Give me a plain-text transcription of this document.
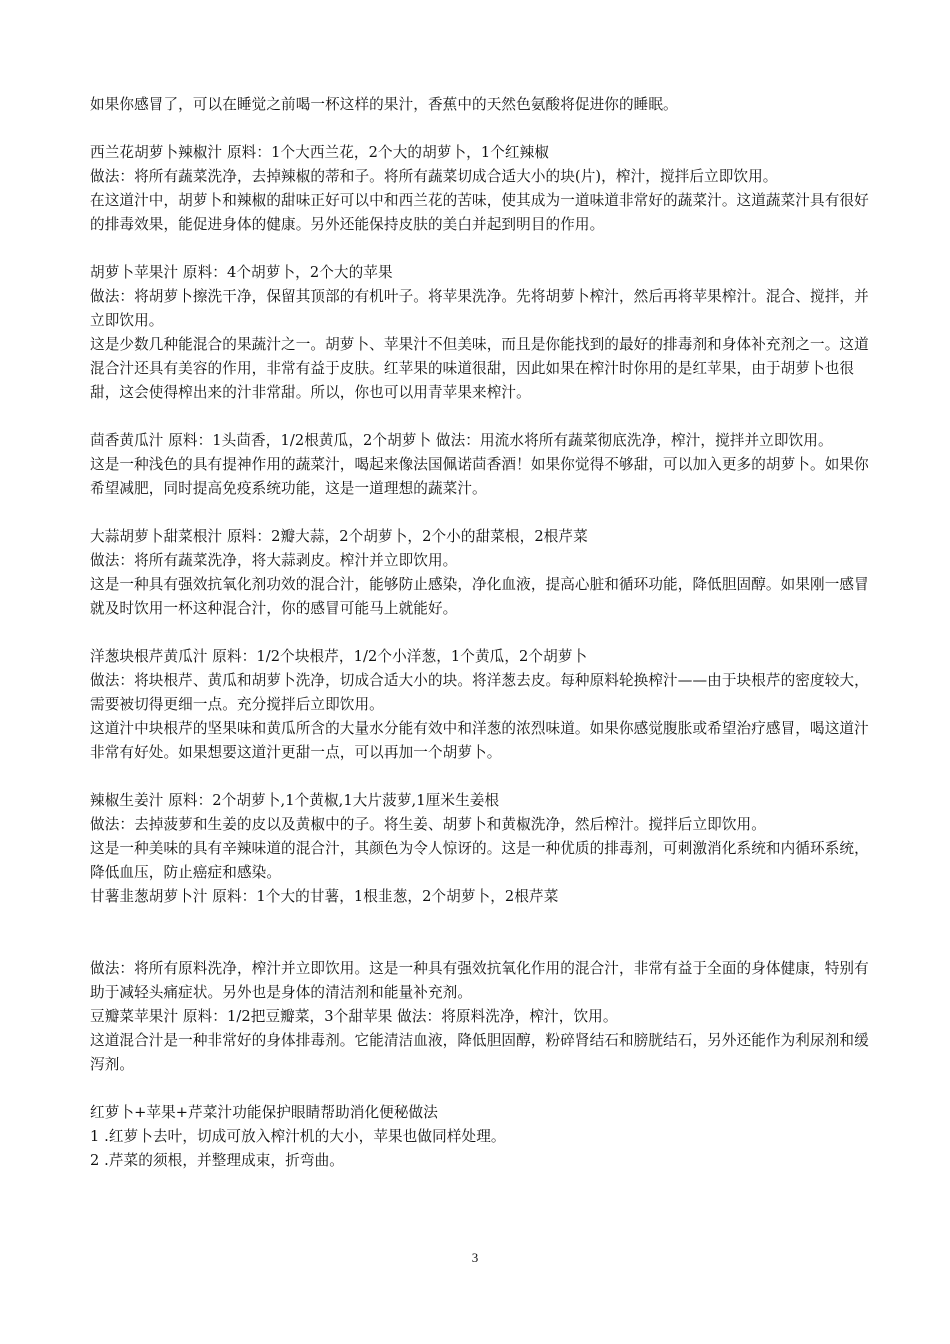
如果你感冒了，可以在睡觉之前喝一杯这样的果汁，香蕉中的天然色氨酸将促进你的睡眠。

西兰花胡萝卜辣椒汁 原料：1个大西兰花，2个大的胡萝卜，1个红辣椒

做法：将所有蔬菜洗净，去掉辣椒的蒂和子。将所有蔬菜切成合适大小的块(片)，榨汁，搅拌后立即饮用。

在这道汁中，胡萝卜和辣椒的甜味正好可以中和西兰花的苦味，使其成为一道味道非常好的蔬菜汁。这道蔬菜汁具有很好的排毒效果，能促进身体的健康。另外还能保持皮肤的美白并起到明目的作用。

胡萝卜苹果汁 原料：4个胡萝卜，2个大的苹果

做法：将胡萝卜擦洗干净，保留其顶部的有机叶子。将苹果洗净。先将胡萝卜榨汁，然后再将苹果榨汁。混合、搅拌，并立即饮用。

这是少数几种能混合的果蔬汁之一。胡萝卜、苹果汁不但美味，而且是你能找到的最好的排毒剂和身体补充剂之一。这道混合汁还具有美容的作用，非常有益于皮肤。红苹果的味道很甜，因此如果在榨汁时你用的是红苹果，由于胡萝卜也很甜，这会使得榨出来的汁非常甜。所以，你也可以用青苹果来榨汁。

茴香黄瓜汁 原料：1头茴香，1/2根黄瓜，2个胡萝卜 做法：用流水将所有蔬菜彻底洗净，榨汁，搅拌并立即饮用。

这是一种浅色的具有提神作用的蔬菜汁，喝起来像法国佩诺茴香酒！如果你觉得不够甜，可以加入更多的胡萝卜。如果你希望减肥，同时提高免疫系统功能，这是一道理想的蔬菜汁。

大蒜胡萝卜甜菜根汁 原料：2瓣大蒜，2个胡萝卜，2个小的甜菜根，2根芹菜

做法：将所有蔬菜洗净，将大蒜剥皮。榨汁并立即饮用。

这是一种具有强效抗氧化剂功效的混合汁，能够防止感染，净化血液，提高心脏和循环功能，降低胆固醇。如果刚一感冒就及时饮用一杯这种混合汁，你的感冒可能马上就能好。

洋葱块根芹黄瓜汁 原料：1/2个块根芹，1/2个小洋葱，1个黄瓜，2个胡萝卜

做法：将块根芹、黄瓜和胡萝卜洗净，切成合适大小的块。将洋葱去皮。每种原料轮换榨汁——由于块根芹的密度较大，需要被切得更细一点。充分搅拌后立即饮用。

这道汁中块根芹的坚果味和黄瓜所含的大量水分能有效中和洋葱的浓烈味道。如果你感觉腹胀或希望治疗感冒，喝这道汁非常有好处。如果想要这道汁更甜一点，可以再加一个胡萝卜。

辣椒生姜汁 原料：2个胡萝卜,1个黄椒,1大片菠萝,1厘米生姜根

做法：去掉菠萝和生姜的皮以及黄椒中的子。将生姜、胡萝卜和黄椒洗净，然后榨汁。搅拌后立即饮用。

这是一种美味的具有辛辣味道的混合汁，其颜色为令人惊讶的。这是一种优质的排毒剂，可刺激消化系统和内循环系统，降低血压，防止癌症和感染。

甘薯韭葱胡萝卜汁 原料：1个大的甘薯，1根韭葱，2个胡萝卜，2根芹菜

做法：将所有原料洗净，榨汁并立即饮用。这是一种具有强效抗氧化作用的混合汁，非常有益于全面的身体健康，特别有助于减轻头痛症状。另外也是身体的清洁剂和能量补充剂。

豆瓣菜苹果汁 原料：1/2把豆瓣菜，3个甜苹果 做法：将原料洗净，榨汁，饮用。

这道混合汁是一种非常好的身体排毒剂。它能清洁血液，降低胆固醇，粉碎肾结石和膀胱结石，另外还能作为利尿剂和缓泻剂。

红萝卜+苹果+芹菜汁功能保护眼睛帮助消化便秘做法

1 .红萝卜去叶，切成可放入榨汁机的大小，苹果也做同样处理。

2 .芹菜的须根，并整理成束，折弯曲。

3
